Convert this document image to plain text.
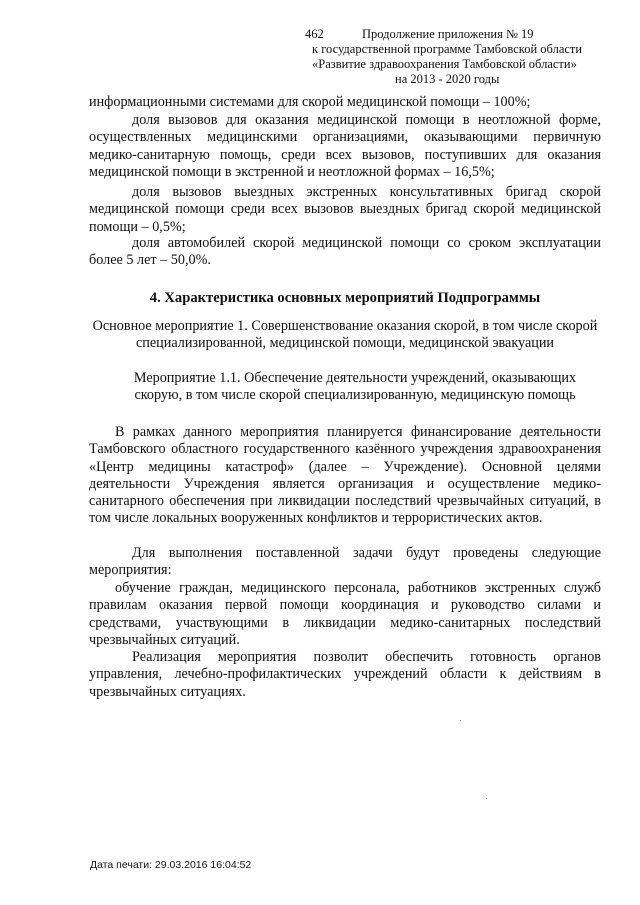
462	Продолжение приложения № 19
к государственной программе Тамбовской области
«Развитие здравоохранения Тамбовской области»
на 2013 - 2020 годы
информационными системами для скорой медицинской помощи – 100%;
доля вызовов для оказания медицинской помощи в неотложной форме, осуществленных медицинскими организациями, оказывающими первичную медико-санитарную помощь, среди всех вызовов, поступивших для оказания медицинской помощи в экстренной и неотложной формах – 16,5%;
доля вызовов выездных экстренных консультативных бригад скорой медицинской помощи среди всех вызовов выездных бригад скорой медицинской помощи – 0,5%;
доля автомобилей скорой медицинской помощи со сроком эксплуатации более 5 лет – 50,0%.
4. Характеристика основных мероприятий Подпрограммы
Основное мероприятие 1. Совершенствование оказания скорой, в том числе скорой специализированной, медицинской помощи, медицинской эвакуации
Мероприятие 1.1. Обеспечение деятельности учреждений, оказывающих скорую, в том числе скорой специализированную, медицинскую помощь
В рамках данного мероприятия планируется финансирование деятельности Тамбовского областного государственного казённого учреждения здравоохранения «Центр медицины катастроф» (далее – Учреждение). Основной целями деятельности Учреждения является организация и осуществление медико-санитарного обеспечения при ликвидации последствий чрезвычайных ситуаций, в том числе локальных вооруженных конфликтов и террористических актов.
Для выполнения поставленной задачи будут проведены следующие мероприятия:
обучение граждан, медицинского персонала, работников экстренных служб правилам оказания первой помощи координация и руководство силами и средствами, участвующими в ликвидации медико-санитарных последствий чрезвычайных ситуаций.
Реализация мероприятия позволит обеспечить готовность органов управления, лечебно-профилактических учреждений области к действиям в чрезвычайных ситуациях.
Дата печати: 29.03.2016 16:04:52
